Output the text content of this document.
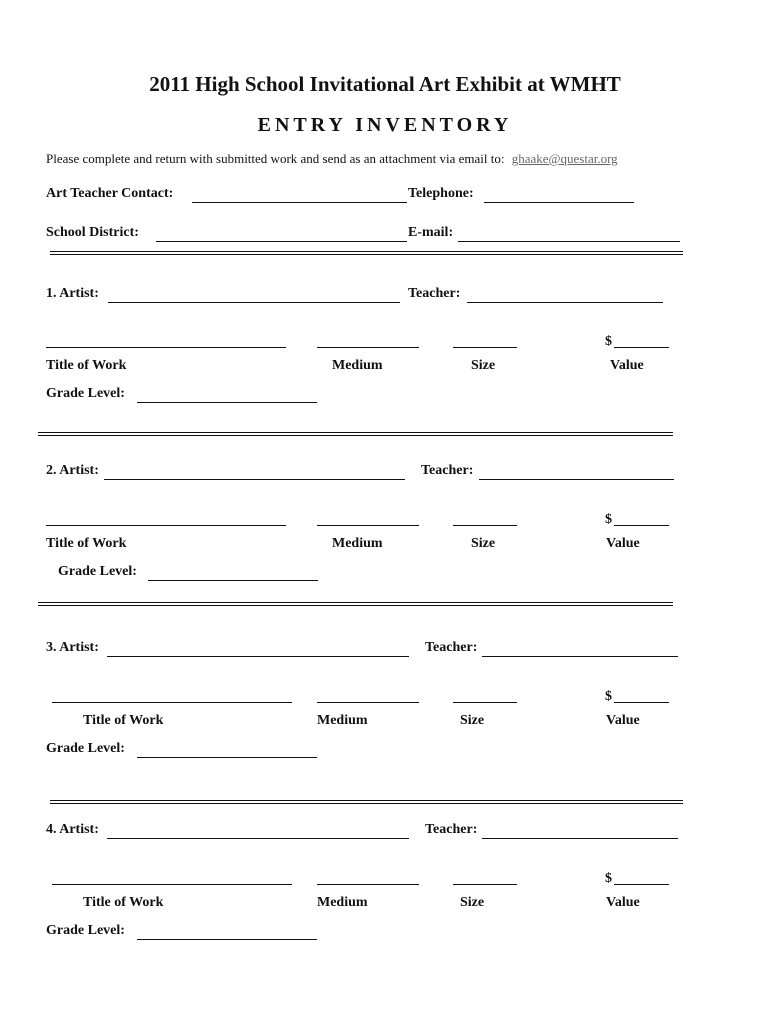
2011 High School Invitational Art Exhibit at WMHT
ENTRY INVENTORY
Please complete and return with submitted work and send as an attachment via email to: ghaake@questar.org
Art Teacher Contact:	Telephone:
School District:	E-mail:
1. Artist:	Teacher:
$
Title of Work	Medium	Size	Value
Grade Level:
2. Artist:	Teacher:
$
Title of Work	Medium	Size	Value
Grade Level:
3. Artist:	Teacher:
$
Title of Work	Medium	Size	Value
Grade Level:
4. Artist:	Teacher:
$
Title of Work	Medium	Size	Value
Grade Level:
